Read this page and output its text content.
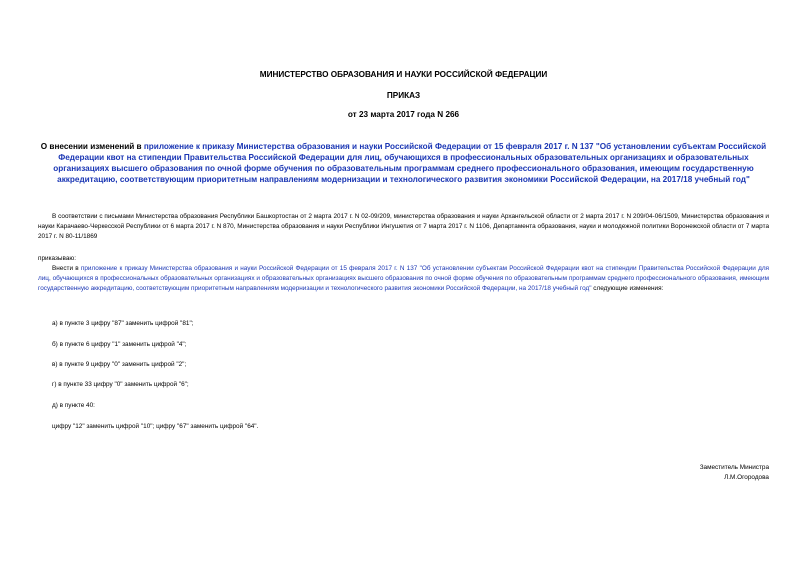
МИНИСТЕРСТВО ОБРАЗОВАНИЯ И НАУКИ РОССИЙСКОЙ ФЕДЕРАЦИИ
ПРИКАЗ
от 23 марта 2017 года N 266
О внесении изменений в приложение к приказу Министерства образования и науки Российской Федерации от 15 февраля 2017 г. N 137 "Об установлении субъектам Российской Федерации квот на стипендии Правительства Российской Федерации для лиц, обучающихся в профессиональных образовательных организациях и образовательных организациях высшего образования по очной форме обучения по образовательным программам среднего профессионального образования, имеющим государственную аккредитацию, соответствующим приоритетным направлениям модернизации и технологического развития экономики Российской Федерации, на 2017/18 учебный год"

В соответствии с письмами Министерства образования Республики Башкортостан от 2 марта 2017 г. N 02-09/209, министерства образования и науки Архангельской области от 2 марта 2017 г. N 209/04-06/1509, Министерства образования и науки Карачаево-Черкесской Республики от 6 марта 2017 г. N 870, Министерства образования и науки Республики Ингушетия от 7 марта 2017 г. N 1106, Департамента образования, науки и молодежной политики Воронежской области от 7 марта 2017 г. N 80-11/1869

приказываю:

Внести в приложение к приказу Министерства образования и науки Российской Федерации от 15 февраля 2017 г. N 137 "Об установлении субъектам Российской Федерации квот на стипендии Правительства Российской Федерации для лиц, обучающихся в профессиональных образовательных организациях и образовательных организациях высшего образования по очной форме обучения по образовательным программам среднего профессионального образования, имеющим государственную аккредитацию, соответствующим приоритетным направлениям модернизации и технологического развития экономики Российской Федерации, на 2017/18 учебный год" следующие изменения:

а) в пункте 3 цифру "87" заменить цифрой "81";
б) в пункте 6 цифру "1" заменить цифрой "4";
в) в пункте 9 цифру "0" заменить цифрой "2";
г) в пункте 33 цифру "0" заменить цифрой "6";
д) в пункте 40:
цифру "12" заменить цифрой "10"; цифру "67" заменить цифрой "64".
Заместитель Министра
Л.М.Огородова
